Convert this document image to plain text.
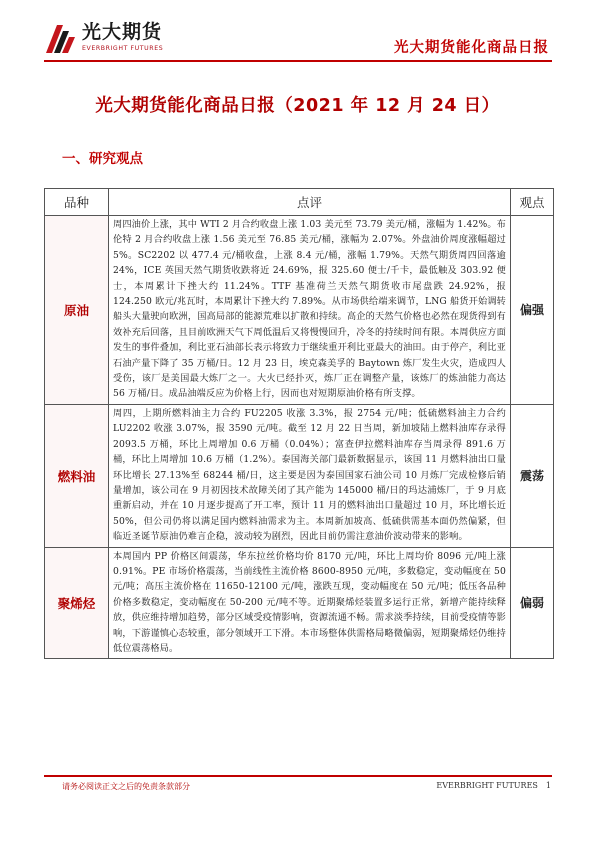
光大期货
EVERBRIGHT FUTURES	光大期货能化商品日报
光大期货能化商品日报（2021 年 12 月 24 日）
一、研究观点
品种	点评	观点
原油	周四油价上涨，其中 WTI 2 月合约收盘上涨 1.03 美元至 73.79 美元/桶，涨幅为 1.42%。布伦特 2 月合约收盘上涨 1.56 美元至 76.85 美元/桶，涨幅为 2.07%。外盘油价周度涨幅超过 5%。SC2202 以 477.4 元/桶收盘，上涨 8.4 元/桶，涨幅 1.79%。天然气期货周四回落逾 24%，ICE 英国天然气期货收跌将近 24.69%，报 325.60 便士/千卡，最低触及 303.92 便士，本周累计下挫大约 11.24%。TTF 基准荷兰天然气期货收市尾盘跌 24.92%，报 124.250 欧元/兆瓦时，本周累计下挫大约 7.89%。从市场供给端来调节，LNG 船货开始调转船头大量驶向欧洲，国高局部的能源荒难以扩散和持续。高企的天然气价格也必然在现货得到有效补充后回落，且目前欧洲天气下周低温后又将慢慢回升，冷冬的持续时间有限。本周供应方面发生的事件叠加，利比亚石油部长表示将致力于继续重开利比亚最大的油田。由于停产，利比亚石油产量下降了 35 万桶/日。12 月 23 日，埃克森美孚的 Baytown 炼厂发生火灾，造成四人受伤，该厂是美国最大炼厂之一。大火已经扑灭，炼厂正在调整产量，该炼厂的炼油能力高达 56 万桶/日。成品油端反应为价格上行，因而也对短期原油价格有所支撑。	偏强
燃料油	周四，上期所燃料油主力合约 FU2205 收涨 3.3%，报 2754 元/吨；低硫燃料油主力合约 LU2202 收涨 3.07%，报 3590 元/吨。截至 12 月 22 日当周，新加坡陆上燃料油库存录得 2093.5 万桶，环比上周增加 0.6 万桶（0.04%）；富查伊拉燃料油库存当周录得 891.6 万桶，环比上周增加 10.6 万桶（1.2%）。泰国海关部门最新数据显示，该国 11 月燃料油出口量环比增长 27.13%至 68244 桶/日，这主要是因为泰国国家石油公司 10 月炼厂完成检修后销量增加，该公司在 9 月初因技术故障关闭了其产能为 145000 桶/日的玛达浦炼厂，于 9 月底重新启动，并在 10 月逐步提高了开工率，预计 11 月的燃料油出口量超过 10 月，环比增长近 50%，但公司仍将以满足国内燃料油需求为主。本周新加坡高、低硫供需基本面仍然偏紧，但临近圣诞节原油仍难言企稳，波动较为剧烈，因此目前仍需注意油价波动带来的影响。	震荡
聚烯烃	本周国内 PP 价格区间震荡，华东拉丝价格均价 8170 元/吨，环比上周均价 8096 元/吨上涨 0.91%。PE 市场价格震荡，当前线性主流价格 8600-8950 元/吨，多数稳定，变动幅度在 50 元/吨；高压主流价格在 11650-12100 元/吨，涨跌互现，变动幅度在 50 元/吨；低压各品种价格多数稳定，变动幅度在 50-200 元/吨不等。近期聚烯烃装置多运行正常，新增产能持续释放，供应维持增加趋势，部分区域受疫情影响，资源流通不畅。需求淡季持续，目前受疫情等影响，下游谨慎心态较重，部分领域开工下滑。本市场整体供需格局略微偏弱，短期聚烯烃仍维持低位震荡格局。	偏弱
请务必阅读正文之后的免责条款部分	EVERBRIGHT FUTURES 1
